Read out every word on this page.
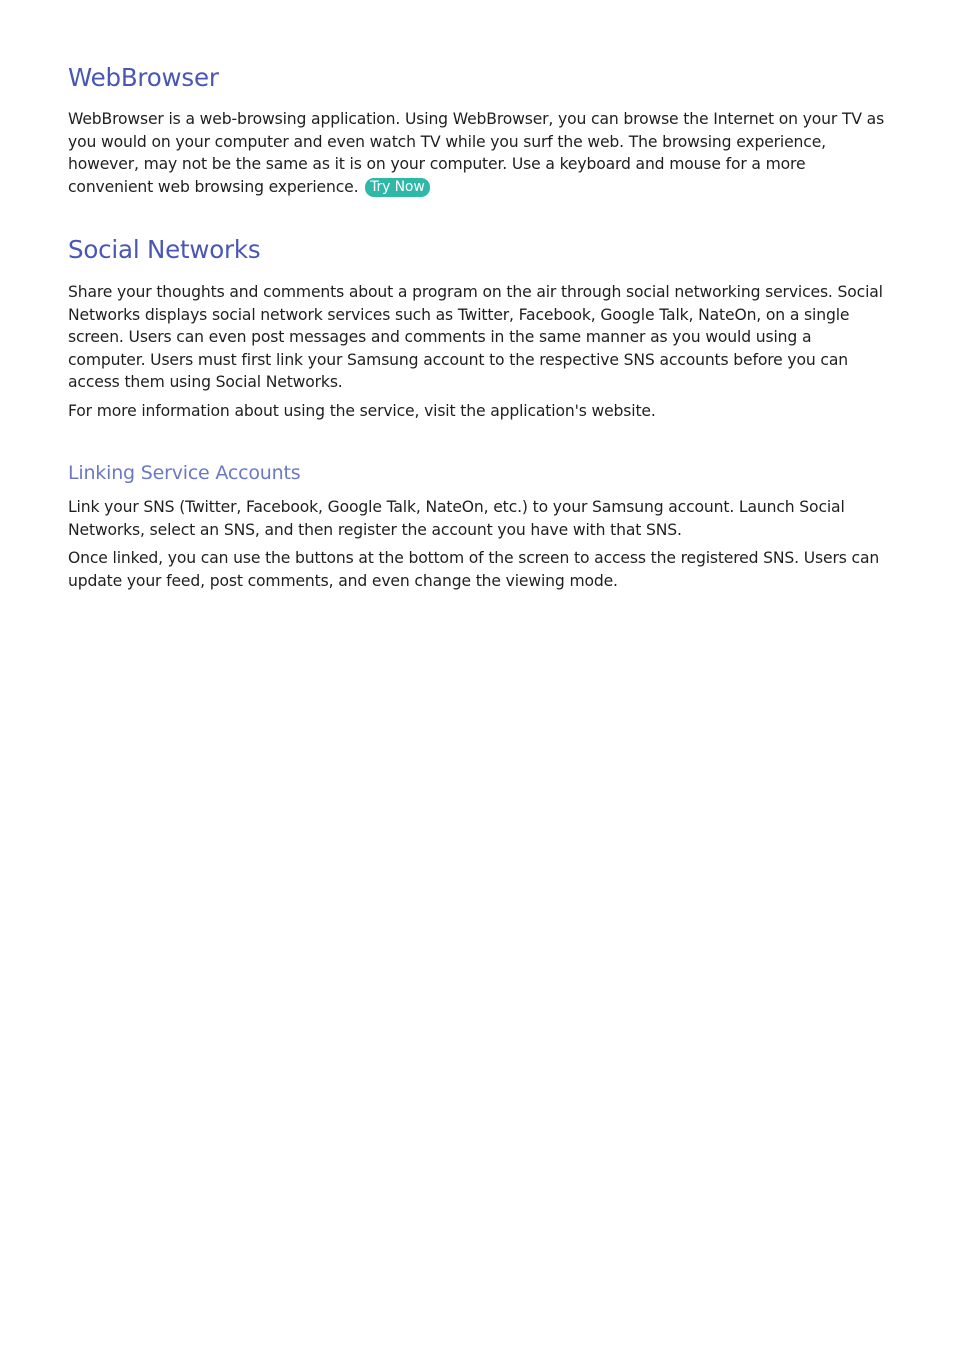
WebBrowser

WebBrowser is a web-browsing application. Using WebBrowser, you can browse the Internet on your TV as you would on your computer and even watch TV while you surf the web. The browsing experience, however, may not be the same as it is on your computer. Use a keyboard and mouse for a more convenient web browsing experience. Try Now

Social Networks

Share your thoughts and comments about a program on the air through social networking services. Social Networks displays social network services such as Twitter, Facebook, Google Talk, NateOn, on a single screen. Users can even post messages and comments in the same manner as you would using a computer. Users must first link your Samsung account to the respective SNS accounts before you can access them using Social Networks.

For more information about using the service, visit the application's website.

Linking Service Accounts

Link your SNS (Twitter, Facebook, Google Talk, NateOn, etc.) to your Samsung account. Launch Social Networks, select an SNS, and then register the account you have with that SNS.

Once linked, you can use the buttons at the bottom of the screen to access the registered SNS. Users can update your feed, post comments, and even change the viewing mode.
